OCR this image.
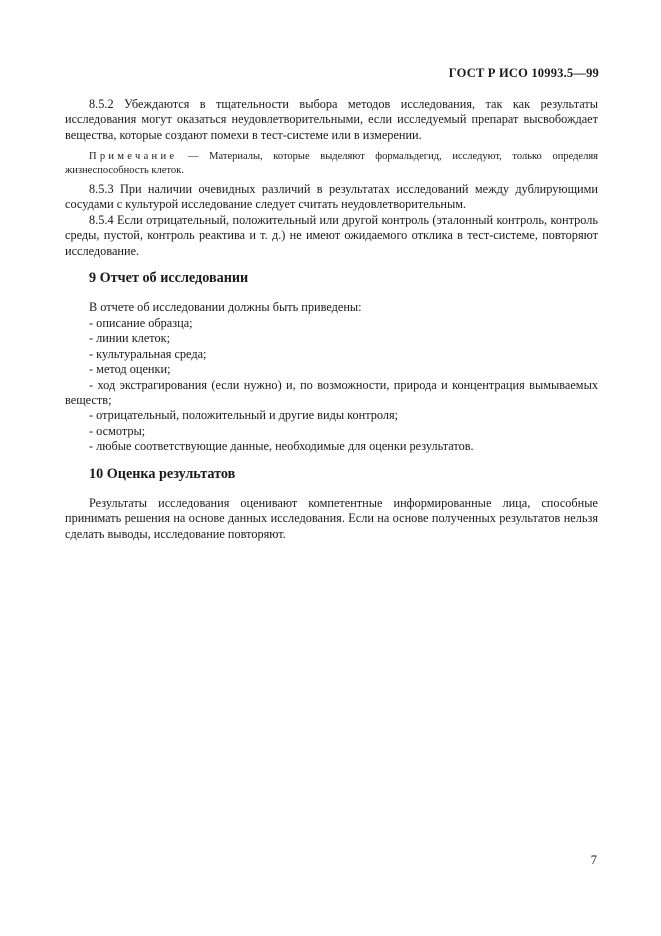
ГОСТ Р ИСО 10993.5—99

8.5.2 Убеждаются в тщательности выбора методов исследования, так как результаты исследования могут оказаться неудовлетворительными, если исследуемый препарат высвобождает вещества, которые создают помехи в тест-системе или в измерении.

Примечание — Материалы, которые выделяют формальдегид, исследуют, только определяя жизнеспособность клеток.

8.5.3 При наличии очевидных различий в результатах исследований между дублирующими сосудами с культурой исследование следует считать неудовлетворительным.

8.5.4 Если отрицательный, положительный или другой контроль (эталонный контроль, контроль среды, пустой, контроль реактива и т. д.) не имеют ожидаемого отклика в тест-системе, повторяют исследование.

9 Отчет об исследовании

В отчете об исследовании должны быть приведены:

- описание образца;
- линии клеток;
- культуральная среда;
- метод оценки;
- ход экстрагирования (если нужно) и, по возможности, природа и концентрация вымываемых веществ;
- отрицательный, положительный и другие виды контроля;
- осмотры;
- любые соответствующие данные, необходимые для оценки результатов.
10 Оценка результатов

Результаты исследования оценивают компетентные информированные лица, способные принимать решения на основе данных исследования. Если на основе полученных результатов нельзя сделать выводы, исследование повторяют.

7
